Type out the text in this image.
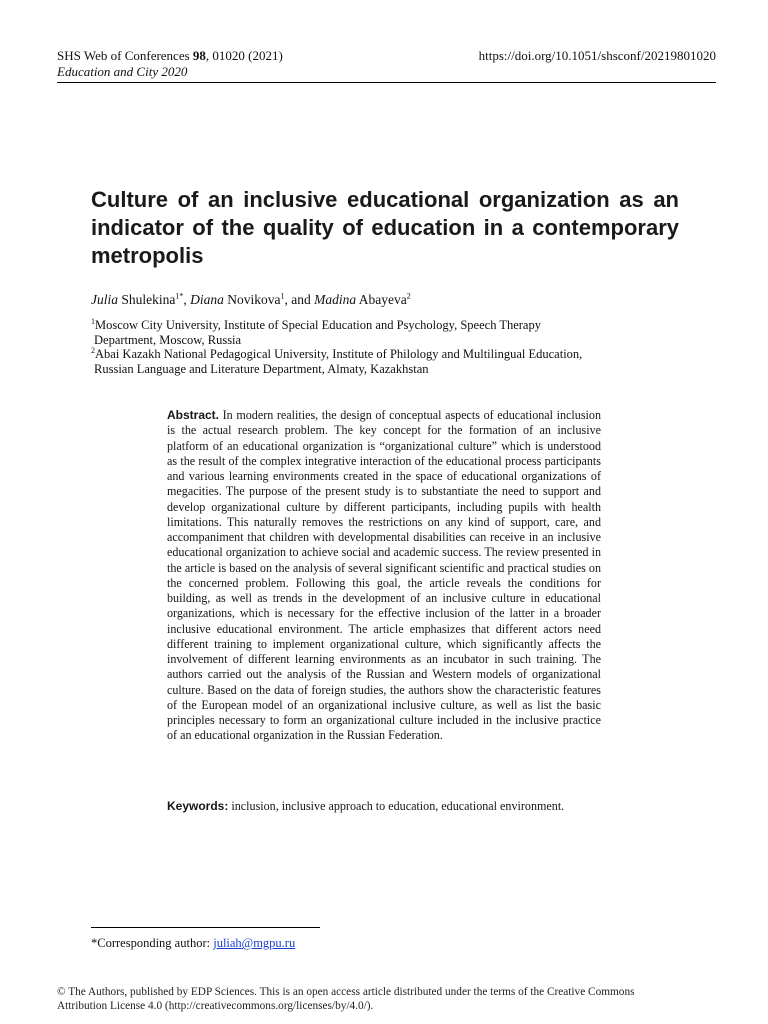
SHS Web of Conferences 98, 01020 (2021)
Education and City 2020
https://doi.org/10.1051/shsconf/20219801020
Culture of an inclusive educational organization as an indicator of the quality of education in a contemporary metropolis
Julia Shulekina$^{1*}$, Diana Novikova$^1$, and Madina Abayeva$^2$
$^1$Moscow City University, Institute of Special Education and Psychology, Speech Therapy
Department, Moscow, Russia
$^2$Abai Kazakh National Pedagogical University, Institute of Philology and Multilingual Education,
Russian Language and Literature Department, Almaty, Kazakhstan

Abstract. In modern realities, the design of conceptual aspects of educational inclusion is the actual research problem. The key concept for the formation of an inclusive platform of an educational organization is “organizational culture” which is understood as the result of the complex integrative interaction of the educational process participants and various learning environments created in the space of educational organizations of megacities. The purpose of the present study is to substantiate the need to support and develop organizational culture by different participants, including pupils with health limitations. This naturally removes the restrictions on any kind of support, care, and accompaniment that children with developmental disabilities can receive in an inclusive educational organization to achieve social and academic success. The review presented in the article is based on the analysis of several significant scientific and practical studies on the concerned problem. Following this goal, the article reveals the conditions for building, as well as trends in the development of an inclusive culture in educational organizations, which is necessary for the effective inclusion of the latter in a broader inclusive educational environment. The article emphasizes that different actors need different training to implement organizational culture, which significantly affects the involvement of different learning environments as an incubator in such training. The authors carried out the analysis of the Russian and Western models of organizational culture. Based on the data of foreign studies, the authors show the characteristic features of the European model of an organizational inclusive culture, as well as list the basic principles necessary to form an organizational culture included in the inclusive practice of an educational organization in the Russian Federation.

Keywords: inclusion, inclusive approach to education, educational environment.

*Corresponding author: juliah@mgpu.ru
© The Authors, published by EDP Sciences. This is an open access article distributed under the terms of the Creative Commons
Attribution License 4.0 (http://creativecommons.org/licenses/by/4.0/).
